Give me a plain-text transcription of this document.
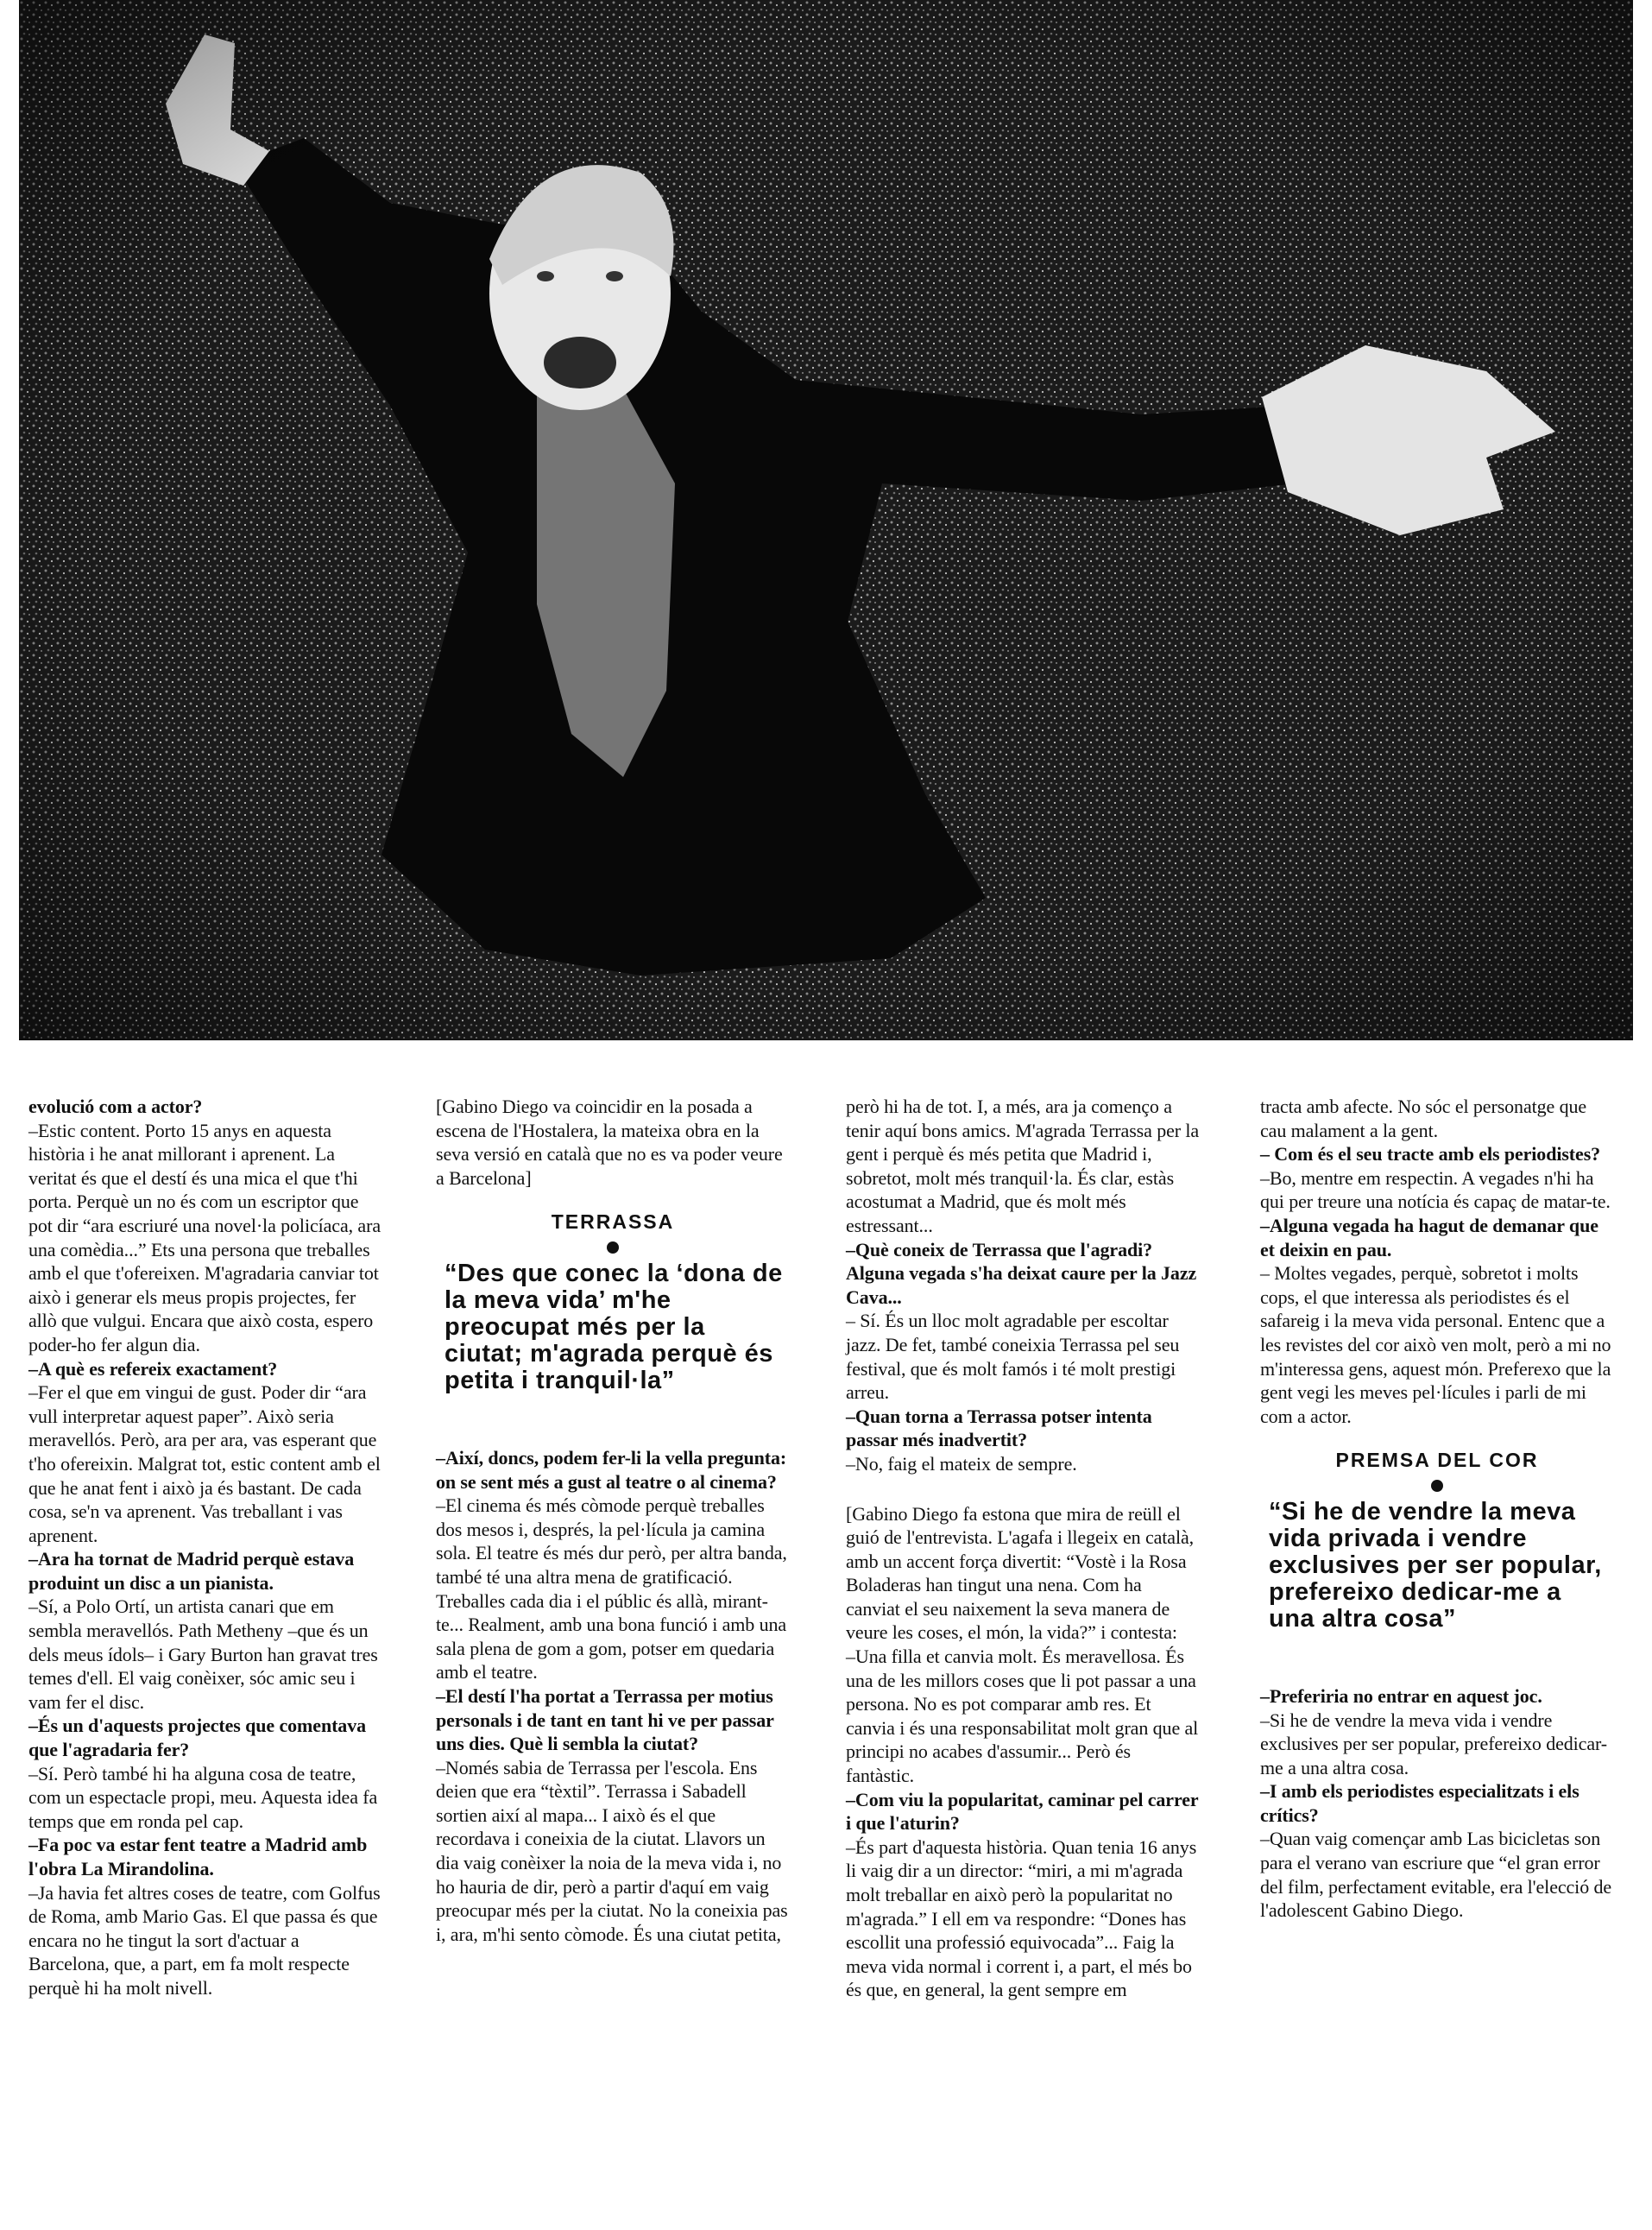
evolució com a actor?

–Estic content. Porto 15 anys en aquesta història i he anat millorant i aprenent. La veritat és que el destí és una mica el que t'hi porta. Perquè un no és com un escriptor que pot dir “ara escriuré una novel·la policíaca, ara una comèdia...” Ets una persona que treballes amb el que t'ofereixen. M'agradaria canviar tot això i generar els meus propis projectes, fer allò que vulgui. Encara que això costa, espero poder-ho fer algun dia.

–A què es refereix exactament?

–Fer el que em vingui de gust. Poder dir “ara vull interpretar aquest paper”. Això seria meravellós. Però, ara per ara, vas esperant que t'ho ofereixin. Malgrat tot, estic content amb el que he anat fent i això ja és bastant. De cada cosa, se'n va aprenent. Vas treballant i vas aprenent.

–Ara ha tornat de Madrid perquè estava produint un disc a un pianista.

–Sí, a Polo Ortí, un artista canari que em sembla meravellós. Path Metheny –que és un dels meus ídols– i Gary Burton han gravat tres temes d'ell. El vaig conèixer, sóc amic seu i vam fer el disc.

–És un d'aquests projectes que comentava que l'agradaria fer?

–Sí. Però també hi ha alguna cosa de teatre, com un espectacle propi, meu. Aquesta idea fa temps que em ronda pel cap.

–Fa poc va estar fent teatre a Madrid amb l'obra La Mirandolina.

–Ja havia fet altres coses de teatre, com Golfus de Roma, amb Mario Gas. El que passa és que encara no he tingut la sort d'actuar a Barcelona, que, a part, em fa molt respecte perquè hi ha molt nivell.

[Gabino Diego va coincidir en la posada a escena de l'Hostalera, la mateixa obra en la seva versió en català que no es va poder veure a Barcelona]

TERRASSA
“Des que conec la ‘dona de la meva vida’ m'he preocupat més per la ciutat; m'agrada perquè és petita i tranquil·la”

–Així, doncs, podem fer-li la vella pregunta: on se sent més a gust al teatre o al cinema?

–El cinema és més còmode perquè treballes dos mesos i, després, la pel·lícula ja camina sola. El teatre és més dur però, per altra banda, també té una altra mena de gratificació. Treballes cada dia i el públic és allà, mirant-te... Realment, amb una bona funció i amb una sala plena de gom a gom, potser em quedaria amb el teatre.

–El destí l'ha portat a Terrassa per motius personals i de tant en tant hi ve per passar uns dies. Què li sembla la ciutat?

–Només sabia de Terrassa per l'escola. Ens deien que era “tèxtil”. Terrassa i Sabadell sortien així al mapa... I això és el que recordava i coneixia de la ciutat. Llavors un dia vaig conèixer la noia de la meva vida i, no ho hauria de dir, però a partir d'aquí em vaig preocupar més per la ciutat. No la coneixia pas i, ara, m'hi sento còmode. És una ciutat petita,

però hi ha de tot. I, a més, ara ja començo a tenir aquí bons amics. M'agrada Terrassa per la gent i perquè és més petita que Madrid i, sobretot, molt més tranquil·la. És clar, estàs acostumat a Madrid, que és molt més estressant...

–Què coneix de Terrassa que l'agradi? Alguna vegada s'ha deixat caure per la Jazz Cava...

– Sí. És un lloc molt agradable per escoltar jazz. De fet, també coneixia Terrassa pel seu festival, que és molt famós i té molt prestigi arreu.

–Quan torna a Terrassa potser intenta passar més inadvertit?

–No, faig el mateix de sempre.

[Gabino Diego fa estona que mira de reüll el guió de l'entrevista. L'agafa i llegeix en català, amb un accent força divertit: “Vostè i la Rosa Boladeras han tingut una nena. Com ha canviat el seu naixement la seva manera de veure les coses, el món, la vida?” i contesta:

–Una filla et canvia molt. És meravellosa. És una de les millors coses que li pot passar a una persona. No es pot comparar amb res. Et canvia i és una responsabilitat molt gran que al principi no acabes d'assumir... Però és fantàstic.

–Com viu la popularitat, caminar pel carrer i que l'aturin?

–És part d'aquesta història. Quan tenia 16 anys li vaig dir a un director: “miri, a mi m'agrada molt treballar en això però la popularitat no m'agrada.” I ell em va respondre: “Dones has escollit una professió equivocada”... Faig la meva vida normal i corrent i, a part, el més bo és que, en general, la gent sempre em

tracta amb afecte. No sóc el personatge que cau malament a la gent.

– Com és el seu tracte amb els periodistes?

–Bo, mentre em respectin. A vegades n'hi ha qui per treure una notícia és capaç de matar-te.

–Alguna vegada ha hagut de demanar que et deixin en pau.

– Moltes vegades, perquè, sobretot i molts cops, el que interessa als periodistes és el safareig i la meva vida personal. Entenc que a les revistes del cor això ven molt, però a mi no m'interessa gens, aquest món. Preferexo que la gent vegi les meves pel·lícules i parli de mi com a actor.

PREMSA DEL COR
“Si he de vendre la meva vida privada i vendre exclusives per ser popular, prefereixo dedicar-me a una altra cosa”

–Preferiria no entrar en aquest joc.

–Si he de vendre la meva vida i vendre exclusives per ser popular, prefereixo dedicar-me a una altra cosa.

–I amb els periodistes especialitzats i els crítics?

–Quan vaig començar amb Las bicicletas son para el verano van escriure que “el gran error del film, perfectament evitable, era l'elecció de l'adolescent Gabino Diego.
